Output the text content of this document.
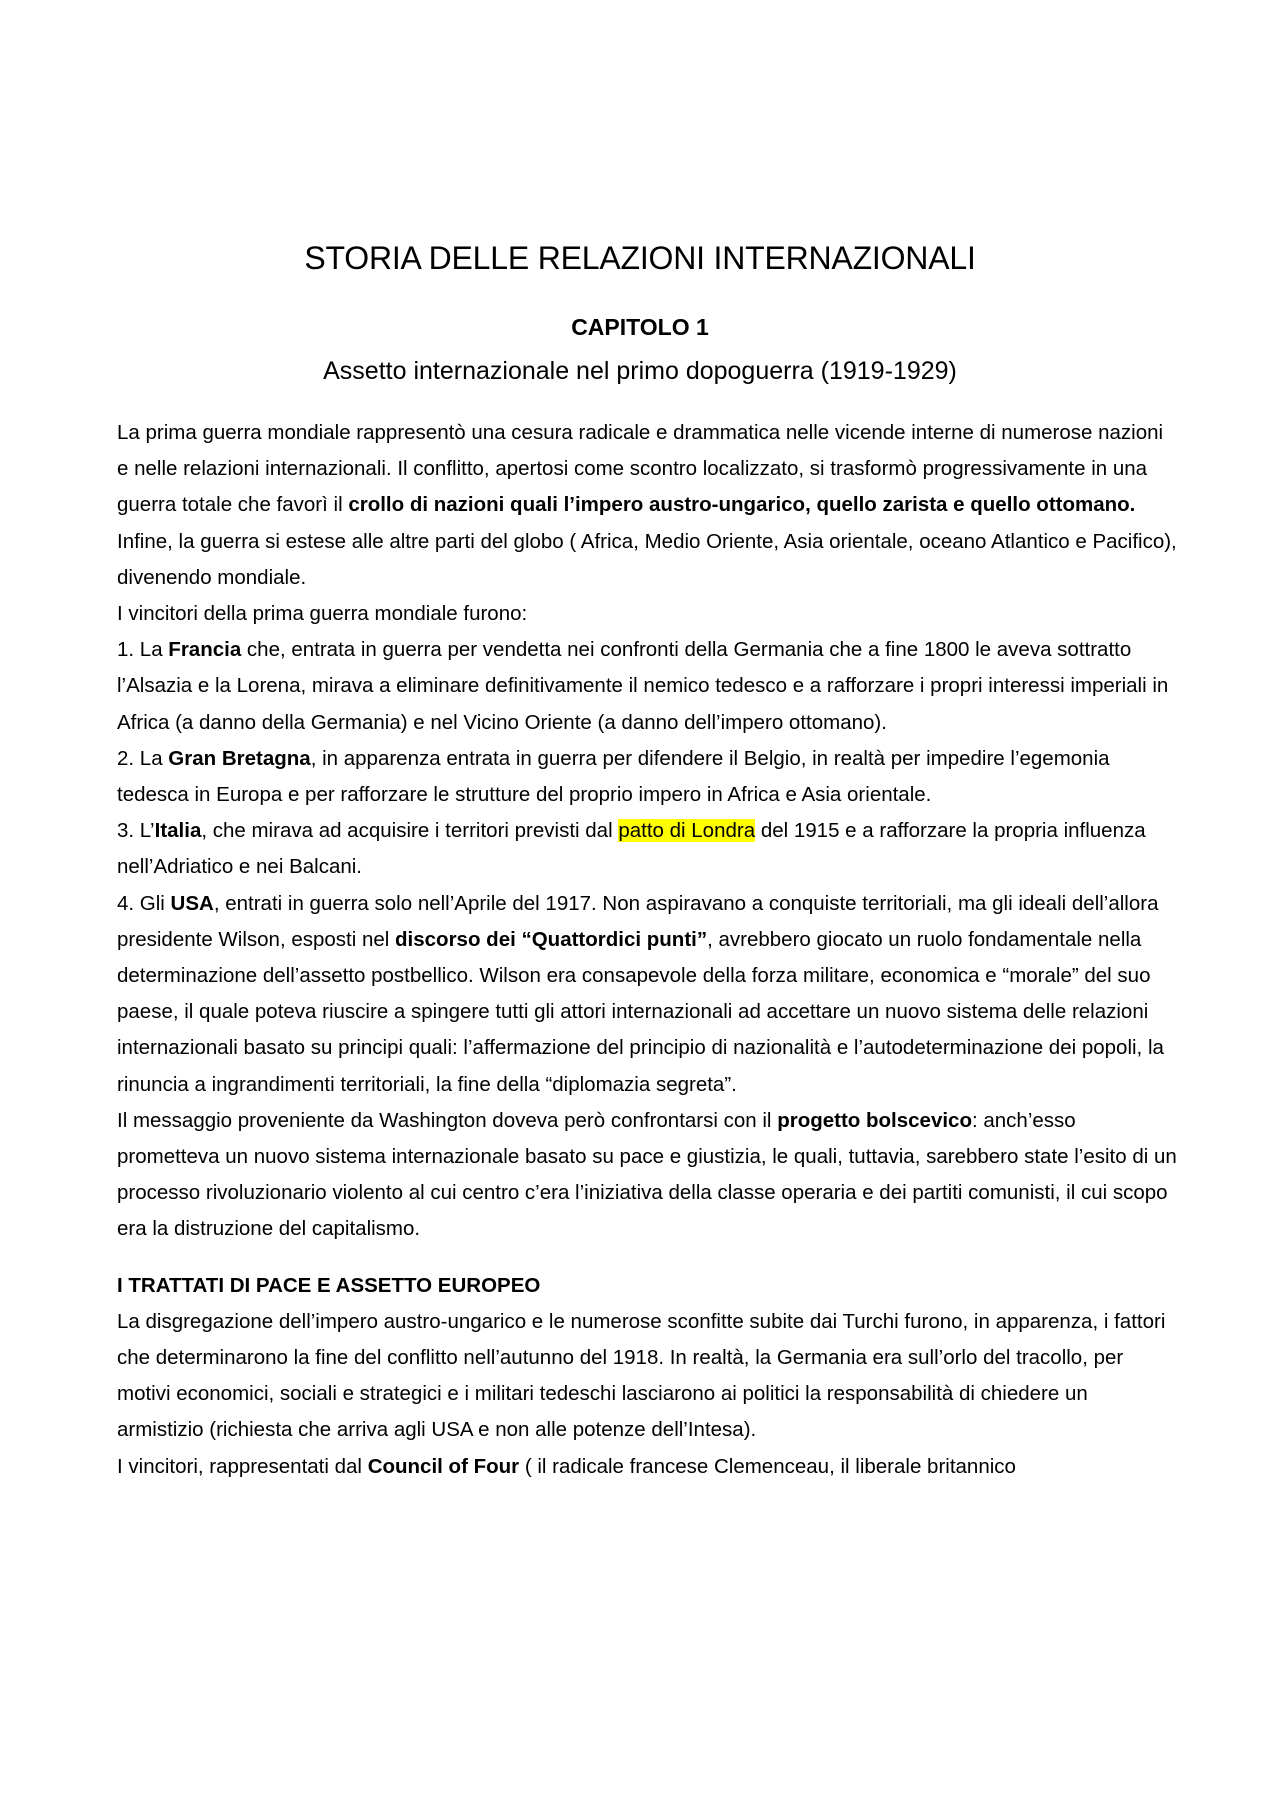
STORIA DELLE RELAZIONI INTERNAZIONALI
CAPITOLO 1
Assetto internazionale nel primo dopoguerra (1919-1929)

La prima guerra mondiale rappresentò una cesura radicale e drammatica nelle vicende interne di numerose nazioni e nelle relazioni internazionali. Il conflitto, apertosi come scontro localizzato, si trasformò progressivamente in una guerra totale che favorì il crollo di nazioni quali l’impero austro-ungarico, quello zarista e quello ottomano. Infine, la guerra si estese alle altre parti del globo ( Africa, Medio Oriente, Asia orientale, oceano Atlantico e Pacifico), divenendo mondiale.

I vincitori della prima guerra mondiale furono:

1. La Francia che, entrata in guerra per vendetta nei confronti della Germania che a fine 1800 le aveva sottratto l’Alsazia e la Lorena, mirava a eliminare definitivamente il nemico tedesco e a rafforzare i propri interessi imperiali in Africa (a danno della Germania) e nel Vicino Oriente (a danno dell’impero ottomano).

2. La Gran Bretagna, in apparenza entrata in guerra per difendere il Belgio, in realtà per impedire l’egemonia tedesca in Europa e per rafforzare le strutture del proprio impero in Africa e Asia orientale.

3. L’Italia, che mirava ad acquisire i territori previsti dal patto di Londra del 1915 e a rafforzare la propria influenza nell’Adriatico e nei Balcani.

4. Gli USA, entrati in guerra solo nell’Aprile del 1917. Non aspiravano a conquiste territoriali, ma gli ideali dell’allora presidente Wilson, esposti nel discorso dei “Quattordici punti”, avrebbero giocato un ruolo fondamentale nella determinazione dell’assetto postbellico. Wilson era consapevole della forza militare, economica e “morale” del suo paese, il quale poteva riuscire a spingere tutti gli attori internazionali ad accettare un nuovo sistema delle relazioni internazionali basato su principi quali: l’affermazione del principio di nazionalità e l’autodeterminazione dei popoli, la rinuncia a ingrandimenti territoriali, la fine della “diplomazia segreta”.

Il messaggio proveniente da Washington doveva però confrontarsi con il progetto bolscevico: anch’esso prometteva un nuovo sistema internazionale basato su pace e giustizia, le quali, tuttavia, sarebbero state l’esito di un processo rivoluzionario violento al cui centro c’era l’iniziativa della classe operaria e dei partiti comunisti, il cui scopo era la distruzione del capitalismo.

I TRATTATI DI PACE E ASSETTO EUROPEO

La disgregazione dell’impero austro-ungarico e le numerose sconfitte subite dai Turchi furono, in apparenza, i fattori che determinarono la fine del conflitto nell’autunno del 1918. In realtà, la Germania era sull’orlo del tracollo, per motivi economici, sociali e strategici e i militari tedeschi lasciarono ai politici la responsabilità di chiedere un armistizio (richiesta che arriva agli USA e non alle potenze dell’Intesa).

I vincitori, rappresentati dal Council of Four ( il radicale francese Clemenceau, il liberale britannico
